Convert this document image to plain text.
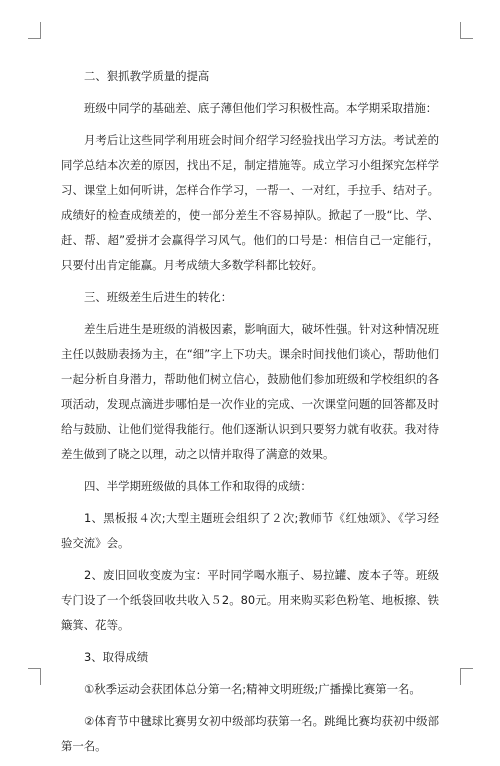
二、狠抓教学质量的提高

班级中同学的基础差、底子薄但他们学习积极性高。本学期采取措施：

月考后让这些同学利用班会时间介绍学习经验找出学习方法。考试差的同学总结本次差的原因，找出不足，制定措施等。成立学习小组探究怎样学习、课堂上如何听讲，怎样合作学习，一帮一、一对红，手拉手、结对子。成绩好的检查成绩差的，使一部分差生不容易掉队。掀起了一股“比、学、赶、帮、超”爱拼才会赢得学习风气。他们的口号是：相信自己一定能行，只要付出肯定能赢。月考成绩大多数学科都比较好。

三、班级差生后进生的转化：

差生后进生是班级的消极因素，影响面大，破坏性强。针对这种情况班主任以鼓励表扬为主，在“细”字上下功夫。课余时间找他们谈心，帮助他们一起分析自身潜力，帮助他们树立信心，鼓励他们参加班级和学校组织的各项活动，发现点滴进步哪怕是一次作业的完成、一次课堂问题的回答都及时给与鼓励、让他们觉得我能行。他们逐渐认识到只要努力就有收获。我对待差生做到了晓之以理，动之以情并取得了满意的效果。

四、半学期班级做的具体工作和取得的成绩：

1、黑板报４次;大型主题班会组织了２次;教师节《红烛颂》、《学习经验交流》会。

2、废旧回收变废为宝：平时同学喝水瓶子、易拉罐、废本子等。班级专门设了一个纸袋回收共收入５2。80元。用来购买彩色粉笔、地板擦、铁簸箕、花等。

3、取得成绩

①秋季运动会获团体总分第一名;精神文明班级;广播操比赛第一名。

②体育节中毽球比赛男女初中级部均获第一名。跳绳比赛均获初中级部第一名。
